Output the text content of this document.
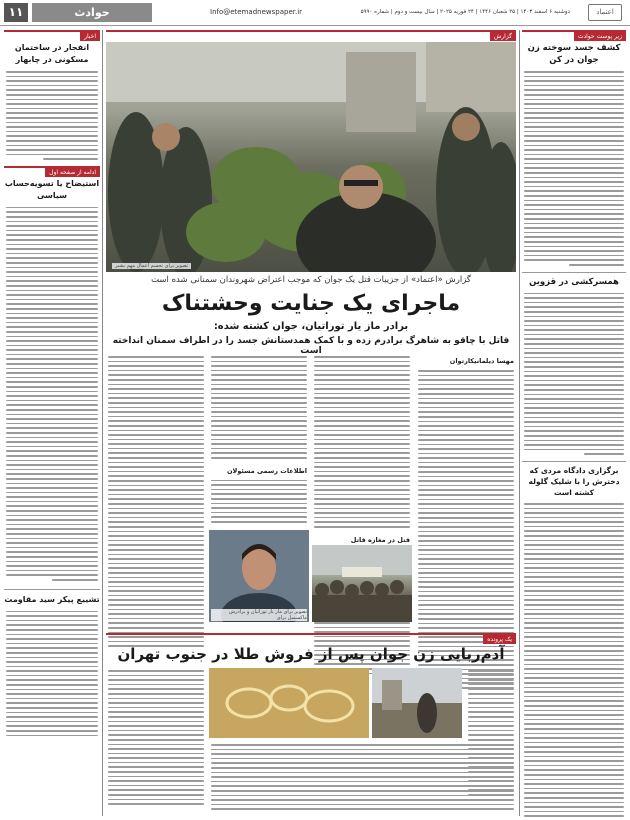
۱۱	حوادث	Info@etemadnewspaper.ir	دوشنبه ۶ اسفند ۱۴۰۳ | ۲۵ شعبان ۱۴۴۶ | ۲۴ فوریه ۲۰۲۵ | سال بیست و دوم | شماره ۵۹۹۰	اعتماد
اخبار
انفجار در ساختمان مسکونی در چابهار
ادامه از صفحه اول
استیضاح یا تسویه‌حساب سیاسی
تشییع پیکر سید مقاومت
زیر پوست حوادث
کشف جسد سوخته زن جوان در کن
همسرکشی در قزوین
برگزاری دادگاه مردی که دخترش را با شلیک گلوله کشته است
گزارش
تصویر برای تجسم اعمال مهم بشیر
گزارش «اعتماد» از جزییات قتل یک جوان که موجب اعتراض شهروندان سمنانی شده است
ماجرای یک جنایت وحشتناک
برادر ماز یار توراتیان، جوان کشته شده:
قاتل با چاقو به شاهرگ برادرم زده و با کمک همدستانش جسد را در اطراف سمنان انداخته است
مهسا دیلمانیکارتوان
قتل در مغازه قاتل
اطلاعات رسمی مسئولان
تصویر برای ماز یار توراتیان و برادرش ماکسمیل برای
یک پرونده
آدم‌ربایی زن جوان پس از فروش طلا در جنوب تهران
